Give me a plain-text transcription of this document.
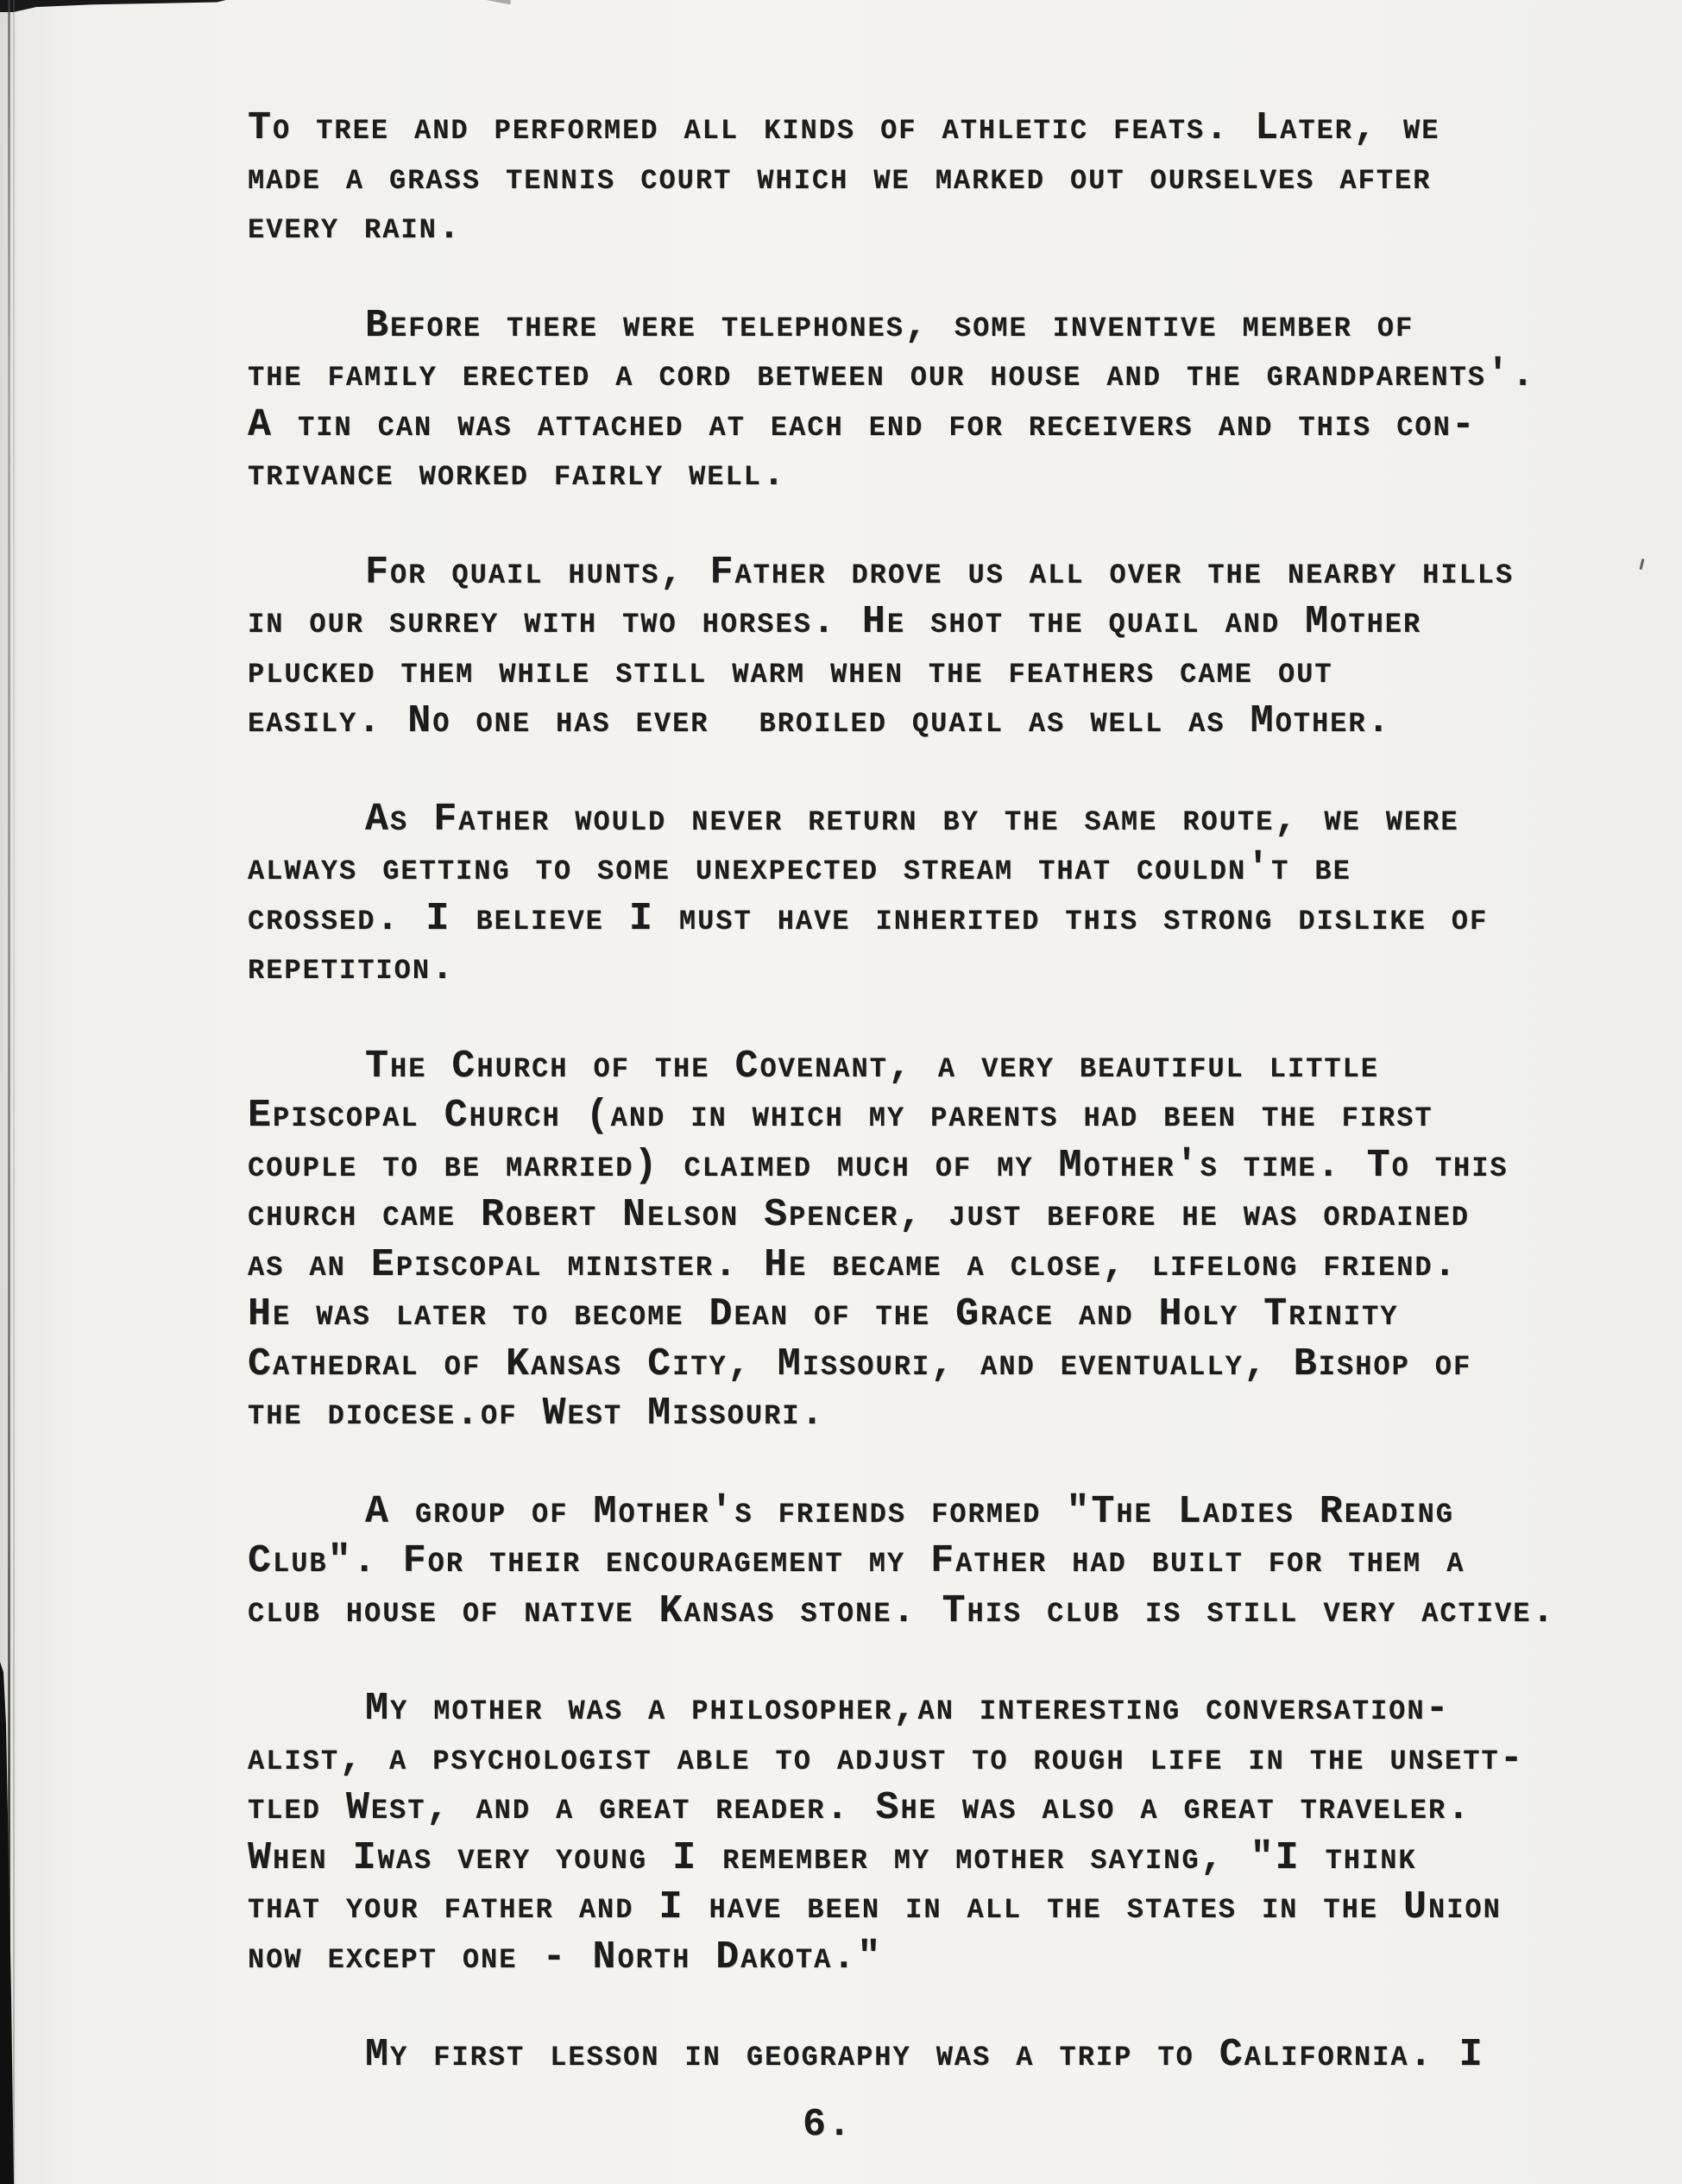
To tree and performed all kinds of athletic feats. Later, we
made a grass tennis court which we marked out ourselves after
every rain.
Before there were telephones, some inventive member of
the family erected a cord between our house and the grandparents'.
A tin can was attached at each end for receivers and this con-
trivance worked fairly well.
For quail hunts, Father drove us all over the nearby hills
in our surrey with two horses. He shot the quail and Mother
plucked them while still warm when the feathers came out
easily. No one has ever  broiled quail as well as Mother.
As Father would never return by the same route, we were
always getting to some unexpected stream that couldn't be
crossed. I believe I must have inherited this strong dislike of
repetition.
The Church of the Covenant, a very beautiful little
Episcopal Church (and in which my parents had been the first
couple to be married) claimed much of my Mother's time. To this
church came Robert Nelson Spencer, just before he was ordained
as an Episcopal minister. He became a close, lifelong friend.
He was later to become Dean of the Grace and Holy Trinity
Cathedral of Kansas City, Missouri, and eventually, Bishop of
the diocese.of West Missouri.
A group of Mother's friends formed "The Ladies Reading
Club". For their encouragement my Father had built for them a
club house of native Kansas stone. This club is still very active.
My mother was a philosopher,an interesting conversation-
alist, a psychologist able to adjust to rough life in the unsett-
tled West, and a great reader. She was also a great traveler.
When Iwas very young I remember my mother saying, "I think
that your father and I have been in all the states in the Union
now except one - North Dakota."
My first lesson in geography was a trip to California. I
6.
